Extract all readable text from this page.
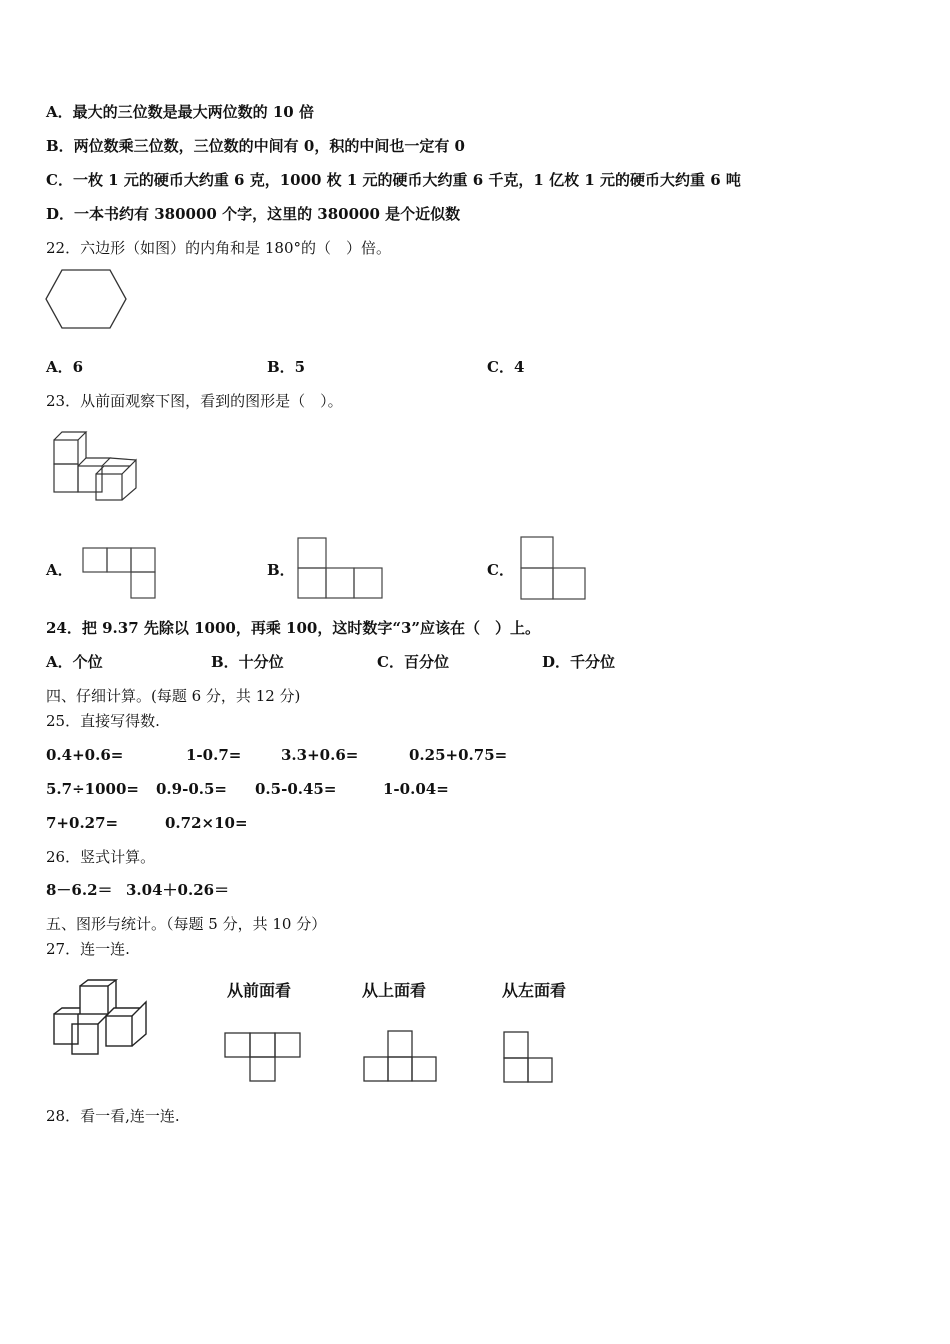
A．最大的三位数是最大两位数的 10 倍
B．两位数乘三位数，三位数的中间有 0，积的中间也一定有 0
C．一枚 1 元的硬币大约重 6 克，1000 枚 1 元的硬币大约重 6 千克，1 亿枚 1 元的硬币大约重 6 吨
D．一本书约有 380000 个字，这里的 380000 是个近似数
22．六边形（如图）的内角和是 180°的（　）倍。
A．6	B．5	C．4
23．从前面观察下图，看到的图形是（　）。
A．	B．	C．
24．把 9.37 先除以 1000，再乘 100，这时数字“3”应该在（　）上。
A．个位	B．十分位	C．百分位	D．千分位
四、仔细计算。(每题 6 分，共 12 分)
25．直接写得数.
0.4+0.6=	1-0.7=	3.3+0.6=	0.25+0.75=
5.7÷1000= 0.9-0.5= 0.5-0.45=	1-0.04=
7+0.27=	0.72×10=
26．竖式计算。
8－6.2＝ 3.04＋0.26＝
五、图形与统计。（每题 5 分，共 10 分）
27．连一连.
从前面看	从上面看	从左面看
28．看一看,连一连.
